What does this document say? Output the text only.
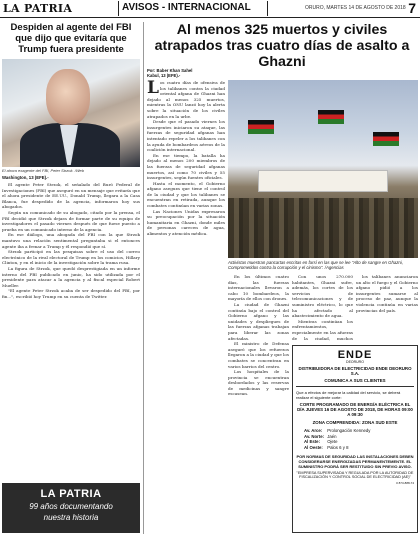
LA PATRIA	AVISOS - INTERNACIONAL	ORURO, MARTES 14 DE AGOSTO DE 2018 7
Despiden al agente del FBI que dijo que evitaría que Trump fuera presidente
El ahora exagente del FBI, Peter Strzok. /Web
Washington, 13 (EFE).-

El agente Peter Strzok, el señalado del Buró Federal de Investigaciones (FBI) que aseguró en un mensaje que evitaría que el ahora presidente de EE.UU., Donald Trump, llegara a la Casa Blanca, fue despedido de la agencia, informaron hoy sus abogados.

Según un comunicado de su abogado, citado por la prensa, el FBI decidió que Strzok dejara de formar parte de su equipo de investigadores el pasado viernes después de que fuese puesto a prueba en un comunicado interno de la agencia.

En ese diálogo, una abogada del FBI con la que Strzok mantuvo una relación sentimental preguntaba si el entonces agente iba a frenar a Trump y él respondió que sí.

Strzok participó en las pesquisas sobre el uso del correo electrónico de la rival electoral de Trump en los comicios, Hillary Clinton, y en el inicio de la investigación sobre la trama rusa.

La figura de Strzok, que quedó desprestigiada en un informe interno del FBI publicado en junio, ha sido utilizada por el presidente para atacar a la agencia y al fiscal especial Robert Mueller.

"El agente Peter Strzok acaba de ser despedido del FBI, por fin...", escribió hoy Trump en su cuenta de Twitter.

LA PATRIA
99 años documentando
nuestra historia
Al menos 325 muertos y civiles atrapados tras cuatro días de asalto a Ghazni
Por: Baber Khan Sahel
Kabul, 13 (EFE).-
L os cuatro días de ofensiva de los talibanes contra la ciudad oriental afgana de Ghazni han dejado al menos 325 muertos, mientras la ONU lanzó hoy la alerta sobre la situación de los civiles atrapados en la urbe.

Desde que el pasado viernes los insurgentes iniciaron su ataque, las fuerzas de seguridad afganas han intentado repeler a los talibanes con la ayuda de bombardeos aéreos de la coalición internacional.

En ese tiempo, la batalla ha dejado al menos 200 miembros de las fuerzas de seguridad afganas muertos, así como 70 civiles y 55 insurgentes, según fuentes oficiales.

Hasta el momento, el Gobierno afgano asegura que tiene el control de la ciudad y que los talibanes se encuentran en retirada, aunque los combates continúan en varias zonas.

Las Naciones Unidas expresaron su preocupación por la situación humanitaria en Ghazni, donde miles de personas carecen de agua, alimentos y atención médica.

Activistas muestran pancartas escritas en farsí en las que se lee "Alto de sangre en Ghazni, Comprometidos contra la corrupción y el cinismo". /Agencias

En los últimos cuatro días, las fuerzas internacionales llevaron a cabo 10 bombardeos, la mayoría de ellos con drones.

La ciudad de Ghazni continúa bajo el control del Gobierno afgano y las unidades y despliegues de las fuerzas afganas trabajan para liberar las zonas afectadas.

El ministro de Defensa aseguró que los refuerzos llegaron a la ciudad y que los combates se concentran en varios barrios del centro.

Los hospitales de la provincia se encuentran desbordados y las reservas de medicinas y sangre escasean.

Con unos 270.000 habitantes, Ghazni sufre, además, los cortes de los servicios de telecomunicaciones y de suministro eléctrico, lo que ha afectado al abastecimiento de agua.

Mientras continúan los enfrentamientos, especialmente en las afueras de la ciudad, muchos

los talibanes anunciaron un alto el fuego y el Gobierno afgano pidió a los insurgentes sumarse al proceso de paz, aunque la violencia continúa en varias provincias del país.

ENDE
DEORURO
DISTRIBUIDORA DE ELECTRICIDAD ENDE DEORURO S.A.
COMUNICA A SUS CLIENTES
Que a efectos de mejorar la calidad del servicio, se deberá realizar el siguiente corte:
CORTE PROGRAMADO DE ENERGÍA ELÉCTRICA EL DÍA JUEVES 16 DE AGOSTO DE 2018, DE HORAS 09:00 A 09:30
ZONA COMPRENDIDA: ZONA SUD ESTE
Av. Arce: Prolongación Kennedy
Av. Norte: Jaén
Al Este: Ojete
Al Oeste: Palos 6 y 8
POR NORMAS DE SEGURIDAD LAS INSTALACIONES DEBEN CONSIDERARSE ENERGIZADAS PERMANENTEMENTE. EL SUMINISTRO PODRÁ SER RESTITUIDO SIN PREVIO AVISO.
"EMPRESA SUPERVISADA Y REGULADA POR LA AUTORIDAD DE FISCALIZACIÓN Y CONTROL SOCIAL DE ELECTRICIDAD (AE)"
0 873-888-74
